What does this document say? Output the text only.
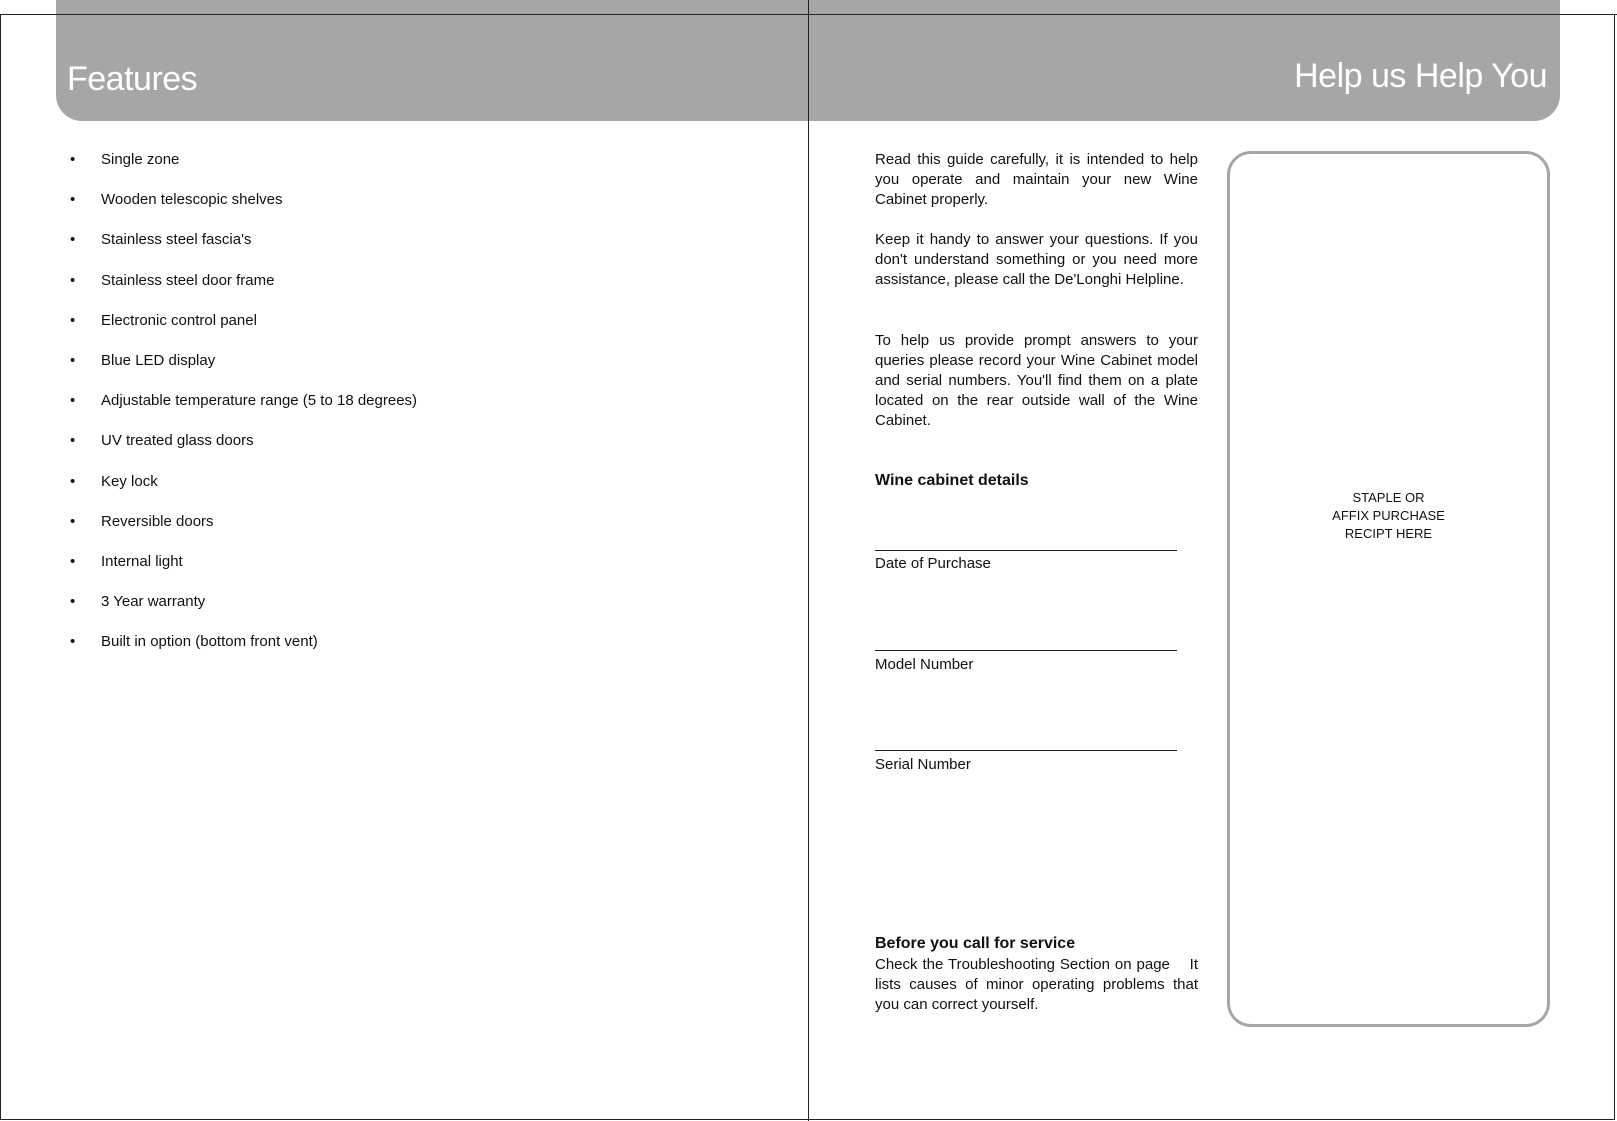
Features	Help us Help You
• Single zone
• Wooden telescopic shelves
• Stainless steel fascia's
• Stainless steel door frame
• Electronic control panel
• Blue LED display
• Adjustable temperature range (5 to 18 degrees)
• UV treated glass doors
• Key lock
• Reversible doors
• Internal light
• 3 Year warranty
• Built in option (bottom front vent)
Read this guide carefully, it is intended to help you operate and maintain your new Wine Cabinet properly.
Keep it handy to answer your questions. If you don't understand something or you need more assistance, please call the De'Longhi Helpline.
To help us provide prompt answers to your queries please record your Wine Cabinet model and serial numbers. You'll find them on a plate located on the rear outside wall of the Wine Cabinet.
Wine cabinet details
Date of Purchase
Model Number
Serial Number
Before you call for service
Check the Troubleshooting Section on page    It lists causes of minor operating problems that you can correct yourself.
STAPLE OR
AFFIX PURCHASE
RECIPT HERE
